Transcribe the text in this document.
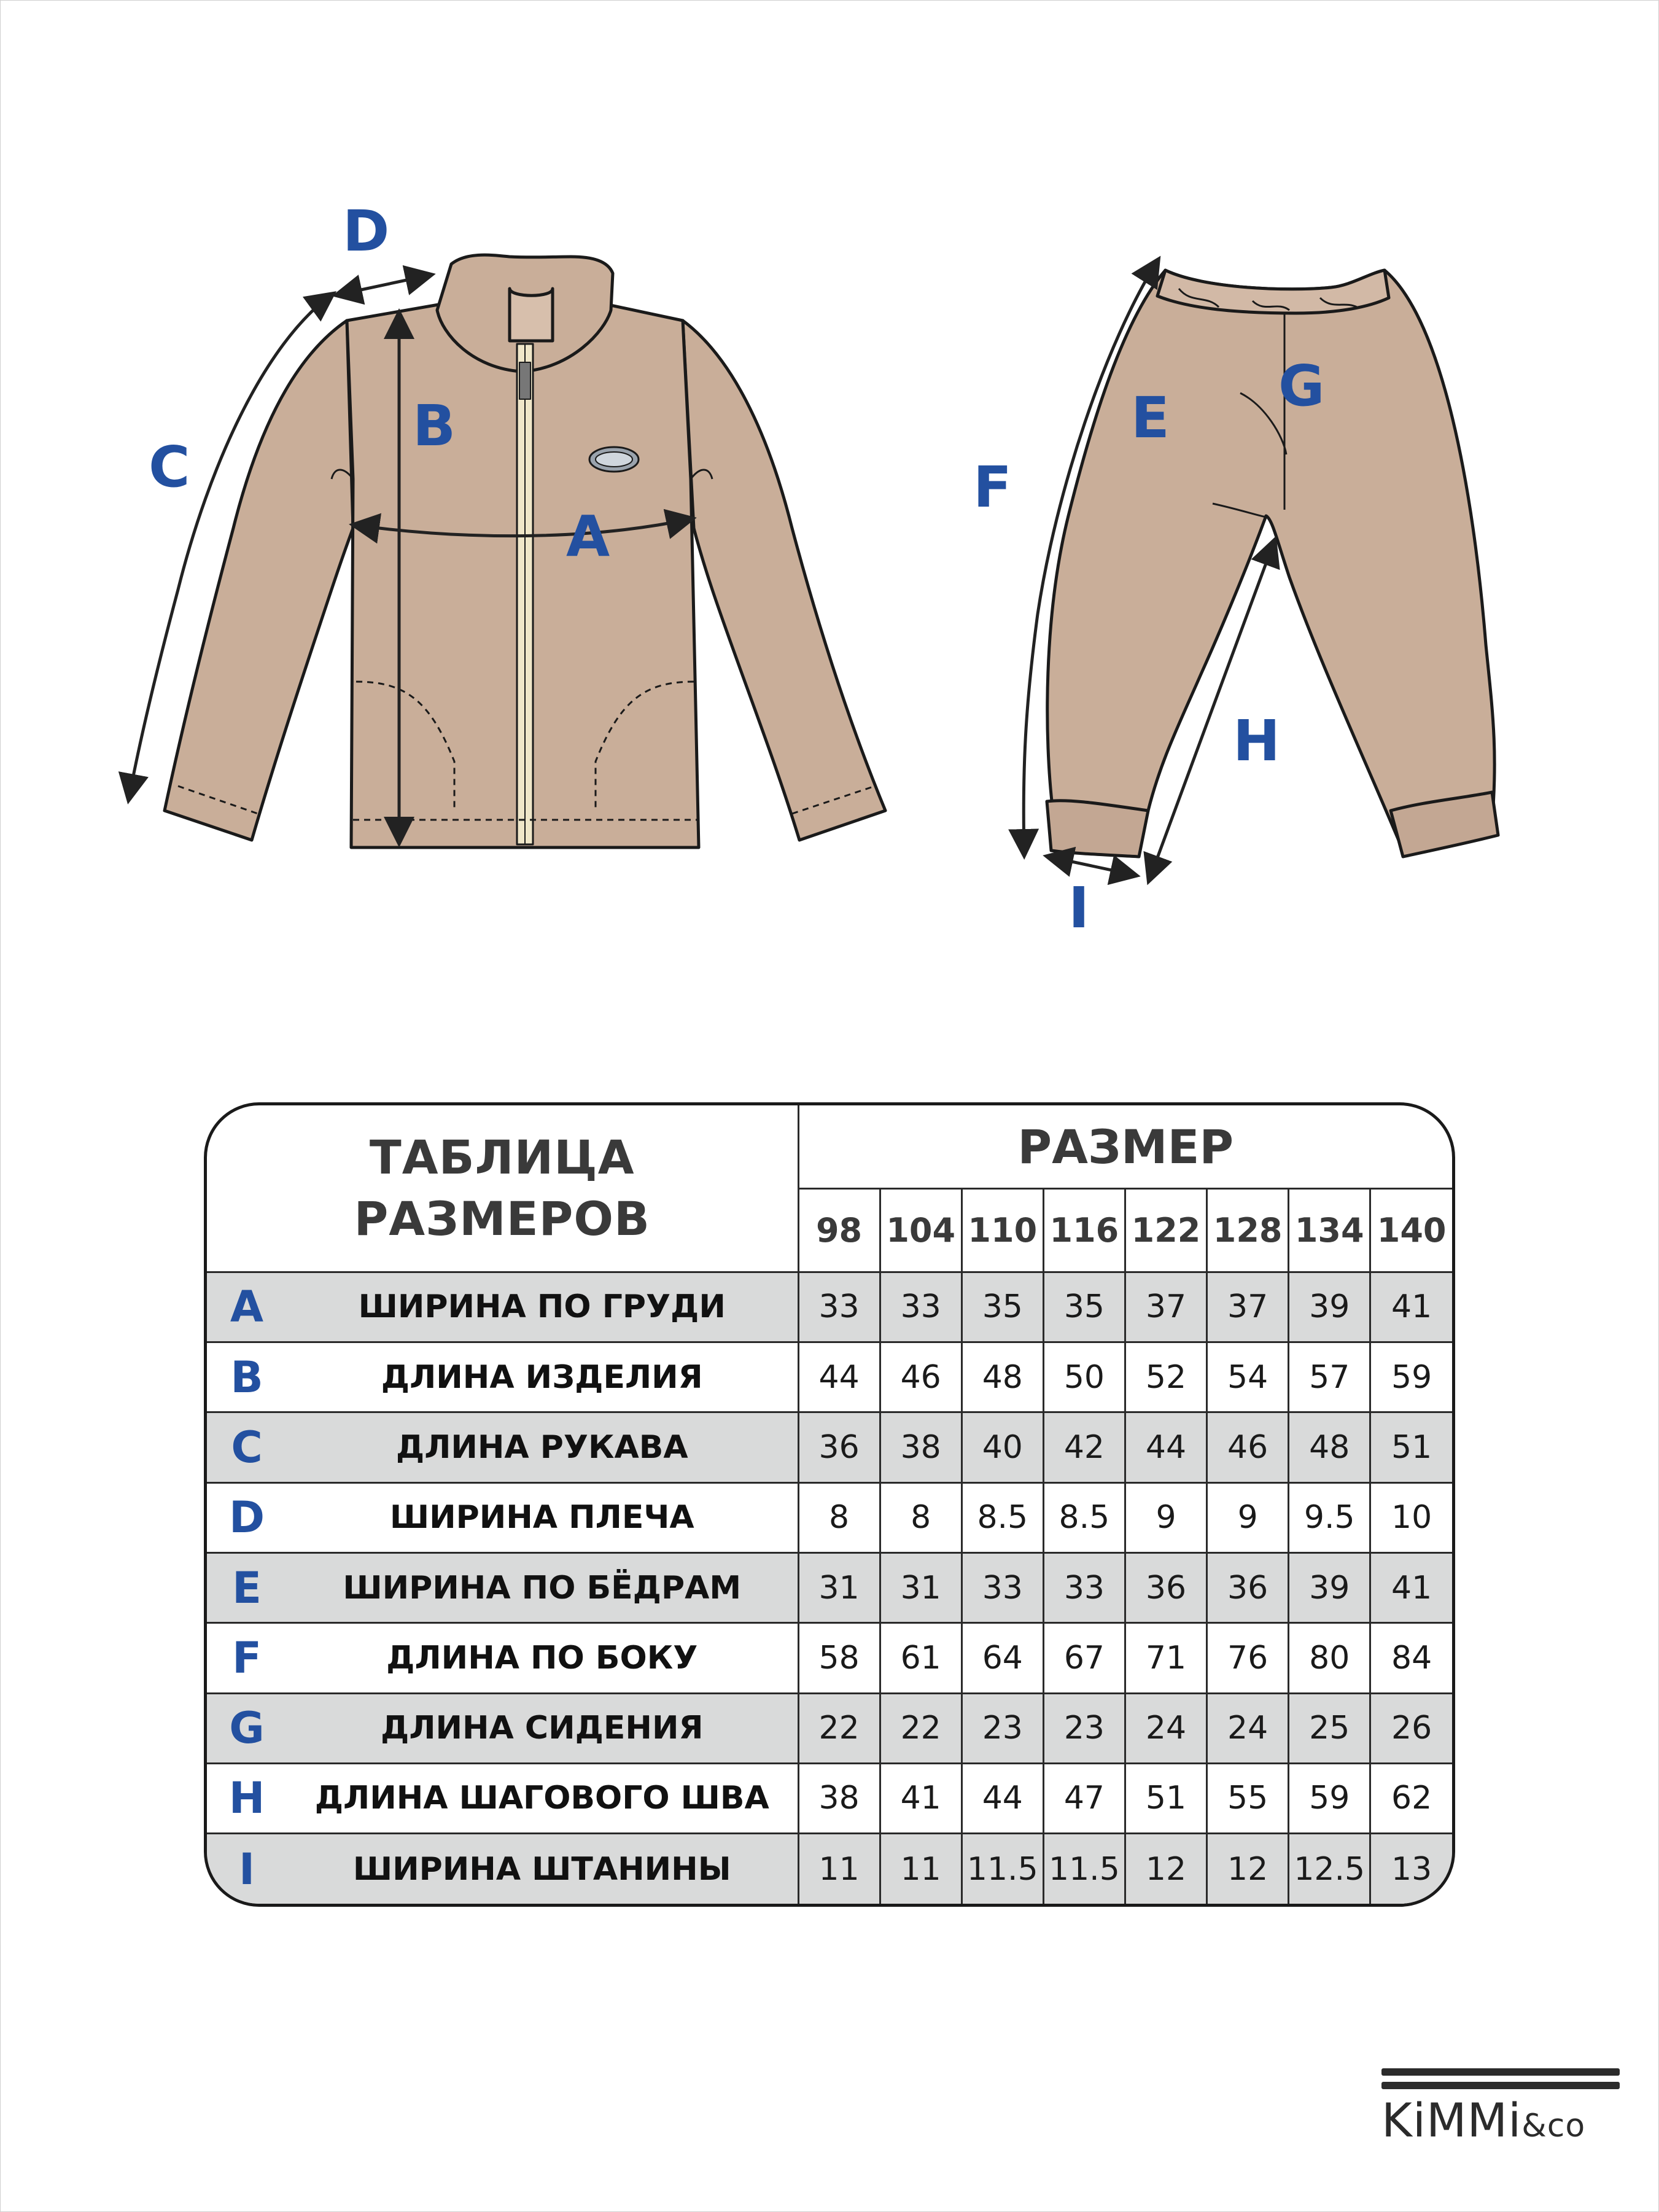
D
C
B
A
E G
F
H
I
ТАБЛИЦА
РАЗМЕРОВ		РАЗМЕР							
		98	104	110	116	122	128	134	140
A	ШИРИНА ПО ГРУДИ	33	33	35	35	37	37	39	41
B	ДЛИНА ИЗДЕЛИЯ	44	46	48	50	52	54	57	59
C	ДЛИНА РУКАВА	36	38	40	42	44	46	48	51
D	ШИРИНА ПЛЕЧА	8	8	8.5	8.5	9	9	9.5	10
E	ШИРИНА ПО БЁДРАМ	31	31	33	33	36	36	39	41
F	ДЛИНА ПО БОКУ	58	61	64	67	71	76	80	84
G	ДЛИНА СИДЕНИЯ	22	22	23	23	24	24	25	26
H	ДЛИНА ШАГОВОГО ШВА	38	41	44	47	51	55	59	62
I	ШИРИНА ШТАНИНЫ	11	11	11.5	11.5	12	12	12.5	13
KiMMi&co
